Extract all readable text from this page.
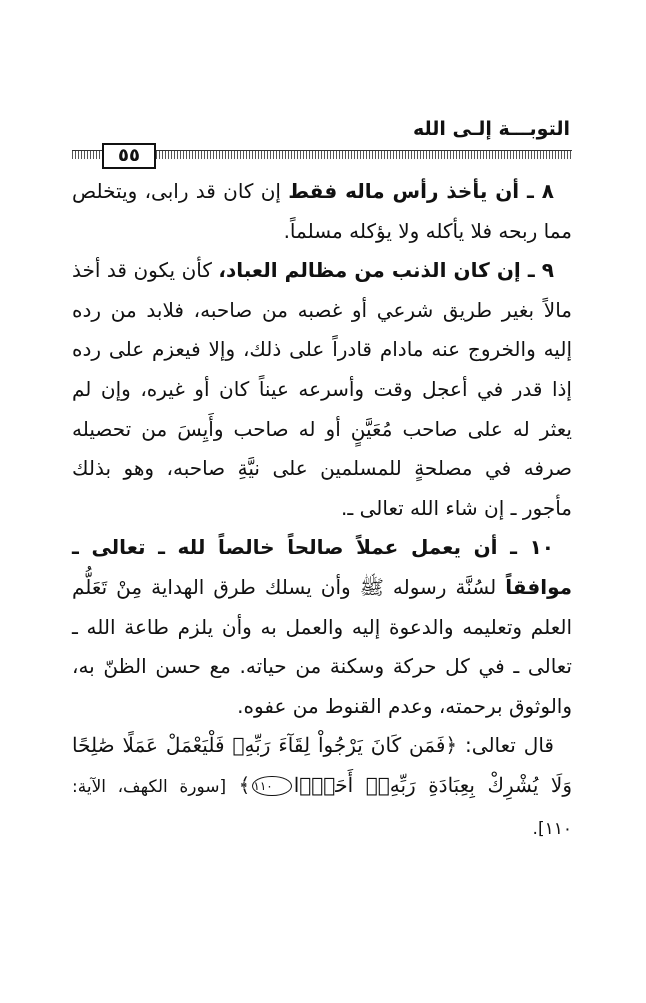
التوبـــة إلـى الله
٥٥

٨ ـ أن يأخذ رأس ماله فقط إن كان قد رابى، ويتخلص مما ربحه فلا يأكله ولا يؤكله مسلماً.

٩ ـ إن كان الذنب من مظالم العباد، كأن يكون قد أخذ مالاً بغير طريق شرعي أو غصبه من صاحبه، فلابد من رده إليه والخروج عنه مادام قادراً على ذلك، وإلا فيعزم على رده إذا قدر في أعجل وقت وأسرعه عيناً كان أو غيره، وإن لم يعثر له على صاحب مُعَيَّنٍ أو له صاحب وأَيِسَ من تحصيله صرفه في مصلحةٍ للمسلمين على نيَّةِ صاحبه، وهو بذلك مأجور ـ إن شاء الله تعالى ـ.

١٠ ـ أن يعمل عملاً صالحاً خالصاً لله ـ تعالى ـ موافقاً لسُنَّة رسوله ﷺ وأن يسلك طرق الهداية مِنْ تَعَلُّم العلم وتعليمه والدعوة إليه والعمل به وأن يلزم طاعة الله ـ تعالى ـ في كل حركة وسكنة من حياته. مع حسن الظنّ به، والوثوق برحمته، وعدم القنوط من عفوه.

قال تعالى: ﴿فَمَن كَانَ يَرْجُواْ لِقَآءَ رَبِّهِۦ فَلْيَعْمَلْ عَمَلًا صَٰلِحًا وَلَا يُشْرِكْ بِعِبَادَةِ رَبِّهِۦٓ أَحَدًۢا١١٠﴾ [سورة الكهف، الآية: ١١٠].
